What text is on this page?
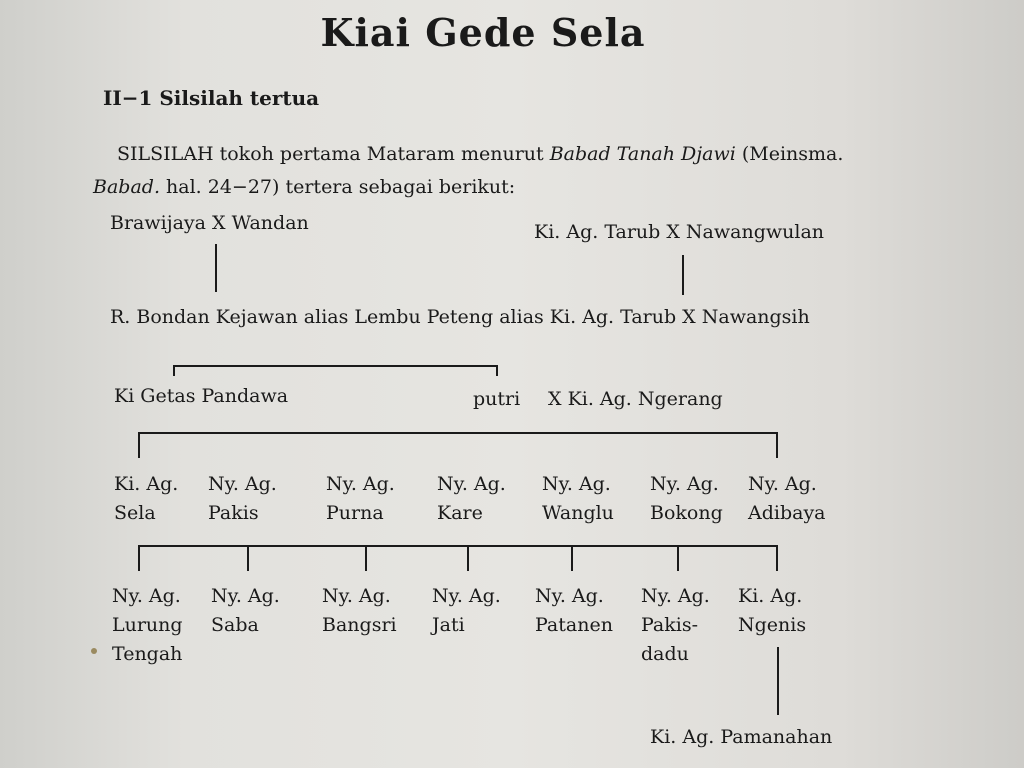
Kiai Gede Sela
II−1 Silsilah tertua
SILSILAH tokoh pertama Mataram menurut Babad Tanah Djawi (Meinsma.
Babad. hal. 24−27) tertera sebagai berikut:
Brawijaya X Wandan	Ki. Ag. Tarub X Nawangwulan
R. Bondan Kejawan alias Lembu Peteng alias Ki. Ag. Tarub X Nawangsih
Ki Getas Pandawa	putri X Ki. Ag. Ngerang
Ki. Ag.
Sela
Ny. Ag.
Pakis
Ny. Ag.
Purna
Ny. Ag.
Kare
Ny. Ag.
Wanglu
Ny. Ag.
Bokong
Ny. Ag.
Adibaya
Ny. Ag.
Lurung
Tengah
Ny. Ag.
Saba
Ny. Ag.
Bangsri
Ny. Ag.
Jati
Ny. Ag.
Patanen
Ny. Ag.
Pakis-
dadu
Ki. Ag.
Ngenis
Ki. Ag. Pamanahan
